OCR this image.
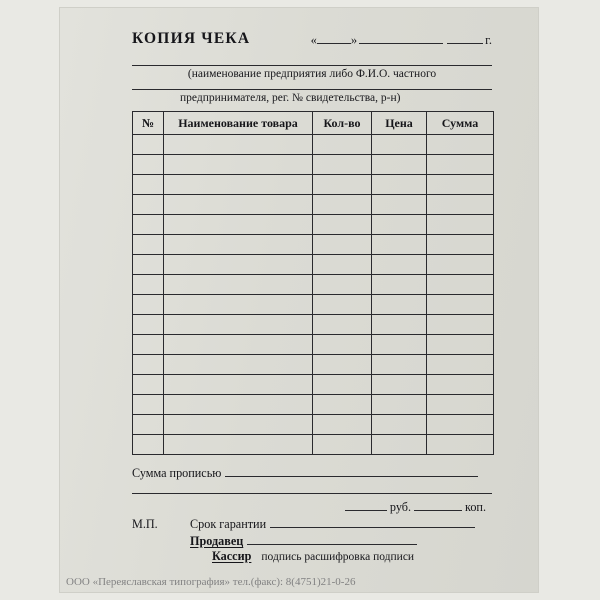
КОПИЯ ЧЕКА	«	»	г.
(наименование предприятия либо Ф.И.О. частного
предпринимателя, рег. № свидетельства, р-н)
№	Наименование товара	Кол-во	Цена	Сумма

Сумма прописью
руб.	коп.
М.П.	Срок гарантии
Продавец
Кассир подпись расшифровка подписи
ООО «Переяславская типография» тел.(факс): 8(4751)21-0-26
